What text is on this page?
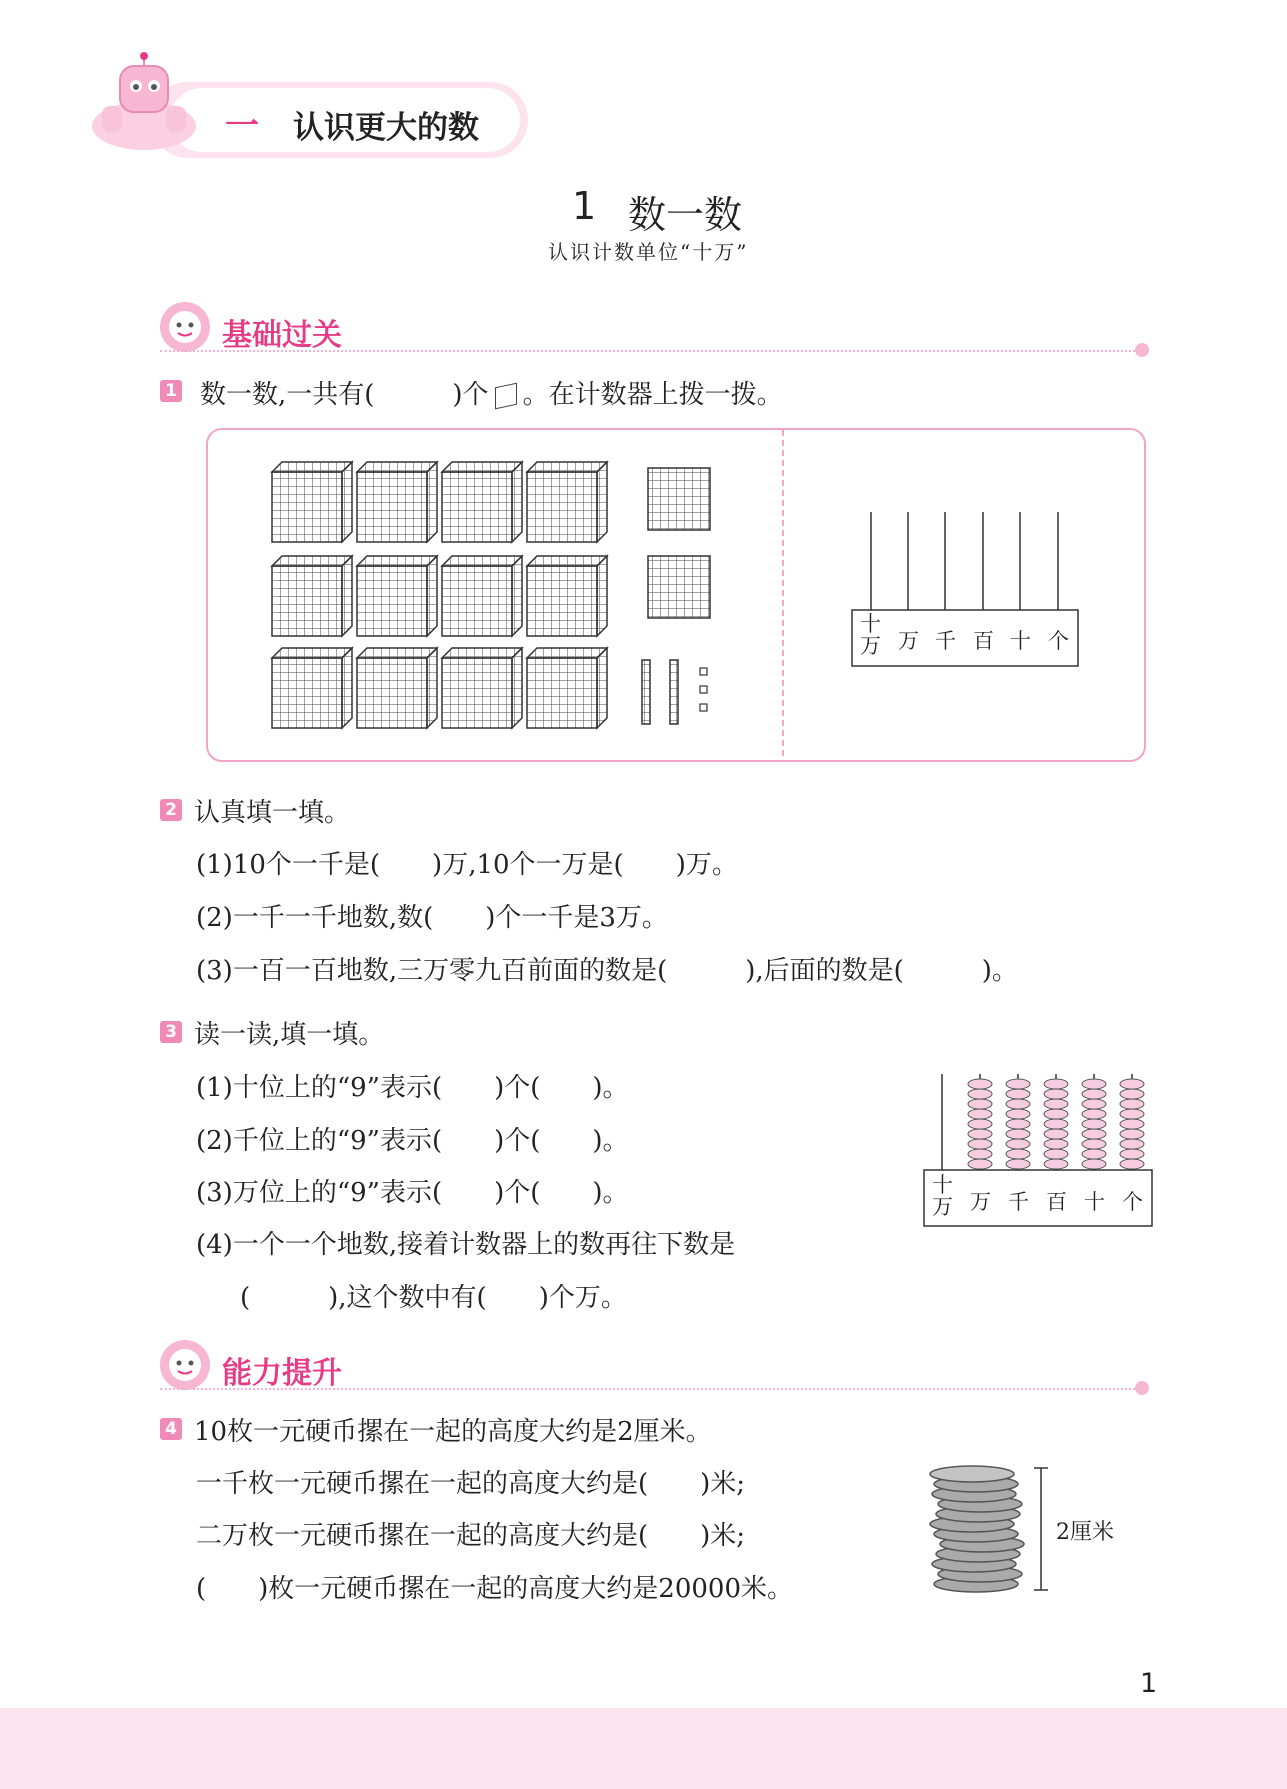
一 认识更大的数
1 数一数
认识计数单位“十万”
基础过关
1 数一数,一共有(　　　)个 。在计数器上拨一拨。
十
万 万 千 百 十 个
2 认真填一填。
(1)10个一千是(　　)万,10个一万是(　　)万。
(2)一千一千地数,数(　　)个一千是3万。
(3)一百一百地数,三万零九百前面的数是(　　　),后面的数是(　　　)。
3 读一读,填一填。
(1)十位上的“9”表示(　　)个(　　)。
(2)千位上的“9”表示(　　)个(　　)。
(3)万位上的“9”表示(　　)个(　　)。
(4)一个一个地数,接着计数器上的数再往下数是
(　　　),这个数中有(　　)个万。
十
万 万 千 百 十 个
能力提升
4 10枚一元硬币摞在一起的高度大约是2厘米。
一千枚一元硬币摞在一起的高度大约是(　　)米;
二万枚一元硬币摞在一起的高度大约是(　　)米;
(　　)枚一元硬币摞在一起的高度大约是20000米。
2厘米
1
